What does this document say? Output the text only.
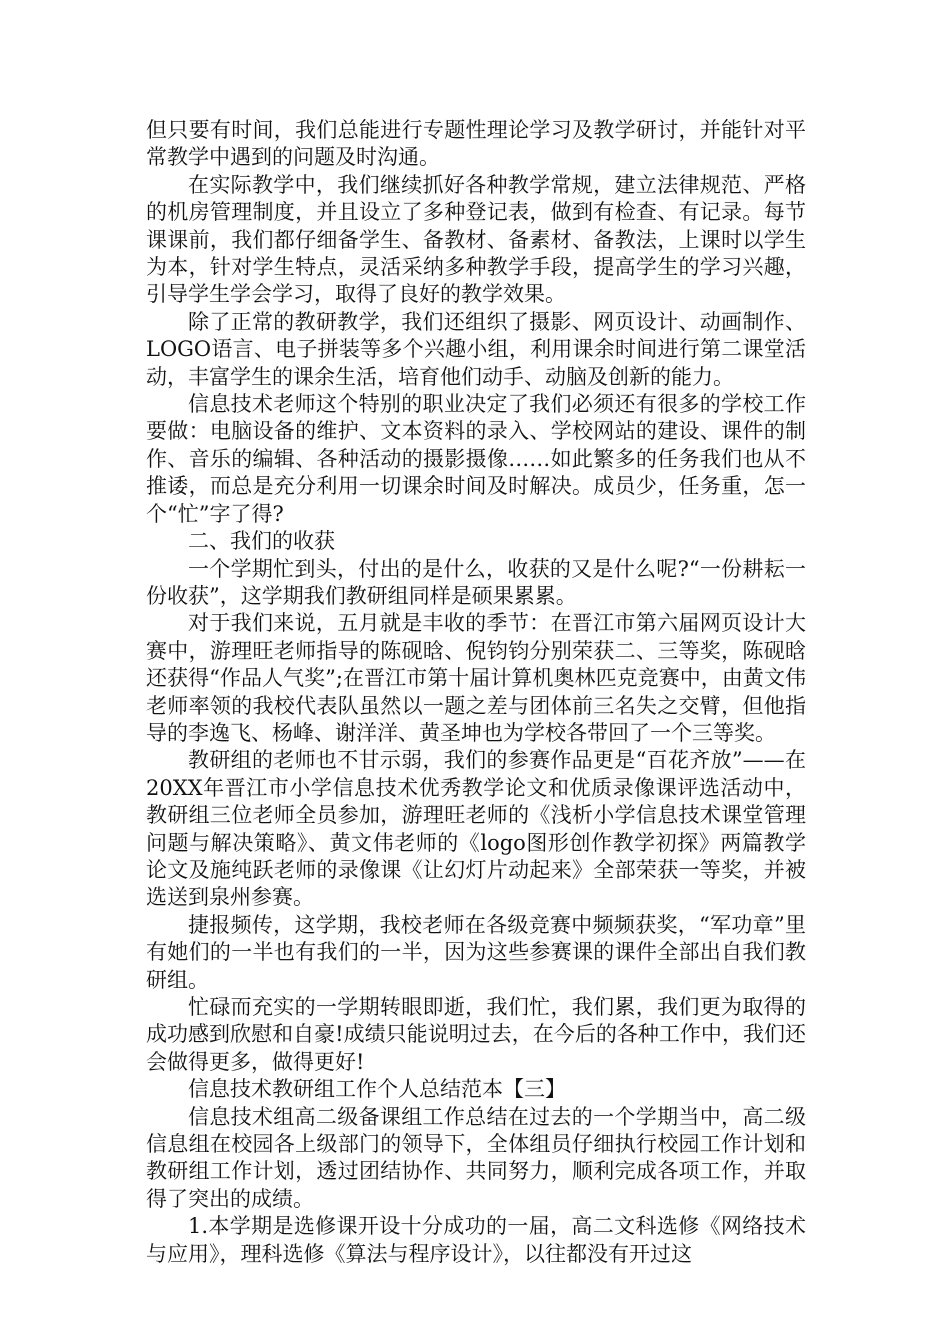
但只要有时间，我们总能进行专题性理论学习及教学研讨，并能针对平常教学中遇到的问题及时沟通。

在实际教学中，我们继续抓好各种教学常规，建立法律规范、严格的机房管理制度，并且设立了多种登记表，做到有检查、有记录。每节课课前，我们都仔细备学生、备教材、备素材、备教法，上课时以学生为本，针对学生特点，灵活采纳多种教学手段，提高学生的学习兴趣，引导学生学会学习，取得了良好的教学效果。

除了正常的教研教学，我们还组织了摄影、网页设计、动画制作、LOGO语言、电子拼装等多个兴趣小组，利用课余时间进行第二课堂活动，丰富学生的课余生活，培育他们动手、动脑及创新的能力。

信息技术老师这个特别的职业决定了我们必须还有很多的学校工作要做：电脑设备的维护、文本资料的录入、学校网站的建设、课件的制作、音乐的编辑、各种活动的摄影摄像……如此繁多的任务我们也从不推诿，而总是充分利用一切课余时间及时解决。成员少，任务重，怎一个“忙”字了得?

二、我们的收获

一个学期忙到头，付出的是什么，收获的又是什么呢?“一份耕耘一份收获”，这学期我们教研组同样是硕果累累。

对于我们来说，五月就是丰收的季节：在晋江市第六届网页设计大赛中，游理旺老师指导的陈砚晗、倪钧钧分别荣获二、三等奖，陈砚晗还获得“作品人气奖”;在晋江市第十届计算机奥林匹克竞赛中，由黄文伟老师率领的我校代表队虽然以一题之差与团体前三名失之交臂，但他指导的李逸飞、杨峰、谢洋洋、黄圣坤也为学校各带回了一个三等奖。

教研组的老师也不甘示弱，我们的参赛作品更是“百花齐放”——在20XX年晋江市小学信息技术优秀教学论文和优质录像课评选活动中，教研组三位老师全员参加，游理旺老师的《浅析小学信息技术课堂管理问题与解决策略》、黄文伟老师的《logo图形创作教学初探》两篇教学论文及施纯跃老师的录像课《让幻灯片动起来》全部荣获一等奖，并被选送到泉州参赛。

捷报频传，这学期，我校老师在各级竞赛中频频获奖，“军功章”里有她们的一半也有我们的一半，因为这些参赛课的课件全部出自我们教研组。

忙碌而充实的一学期转眼即逝，我们忙，我们累，我们更为取得的成功感到欣慰和自豪!成绩只能说明过去，在今后的各种工作中，我们还会做得更多，做得更好!

信息技术教研组工作个人总结范本【三】

信息技术组高二级备课组工作总结在过去的一个学期当中，高二级信息组在校园各上级部门的领导下，全体组员仔细执行校园工作计划和教研组工作计划，透过团结协作、共同努力，顺利完成各项工作，并取得了突出的成绩。

1.本学期是选修课开设十分成功的一届，高二文科选修《网络技术与应用》，理科选修《算法与程序设计》，以往都没有开过这
